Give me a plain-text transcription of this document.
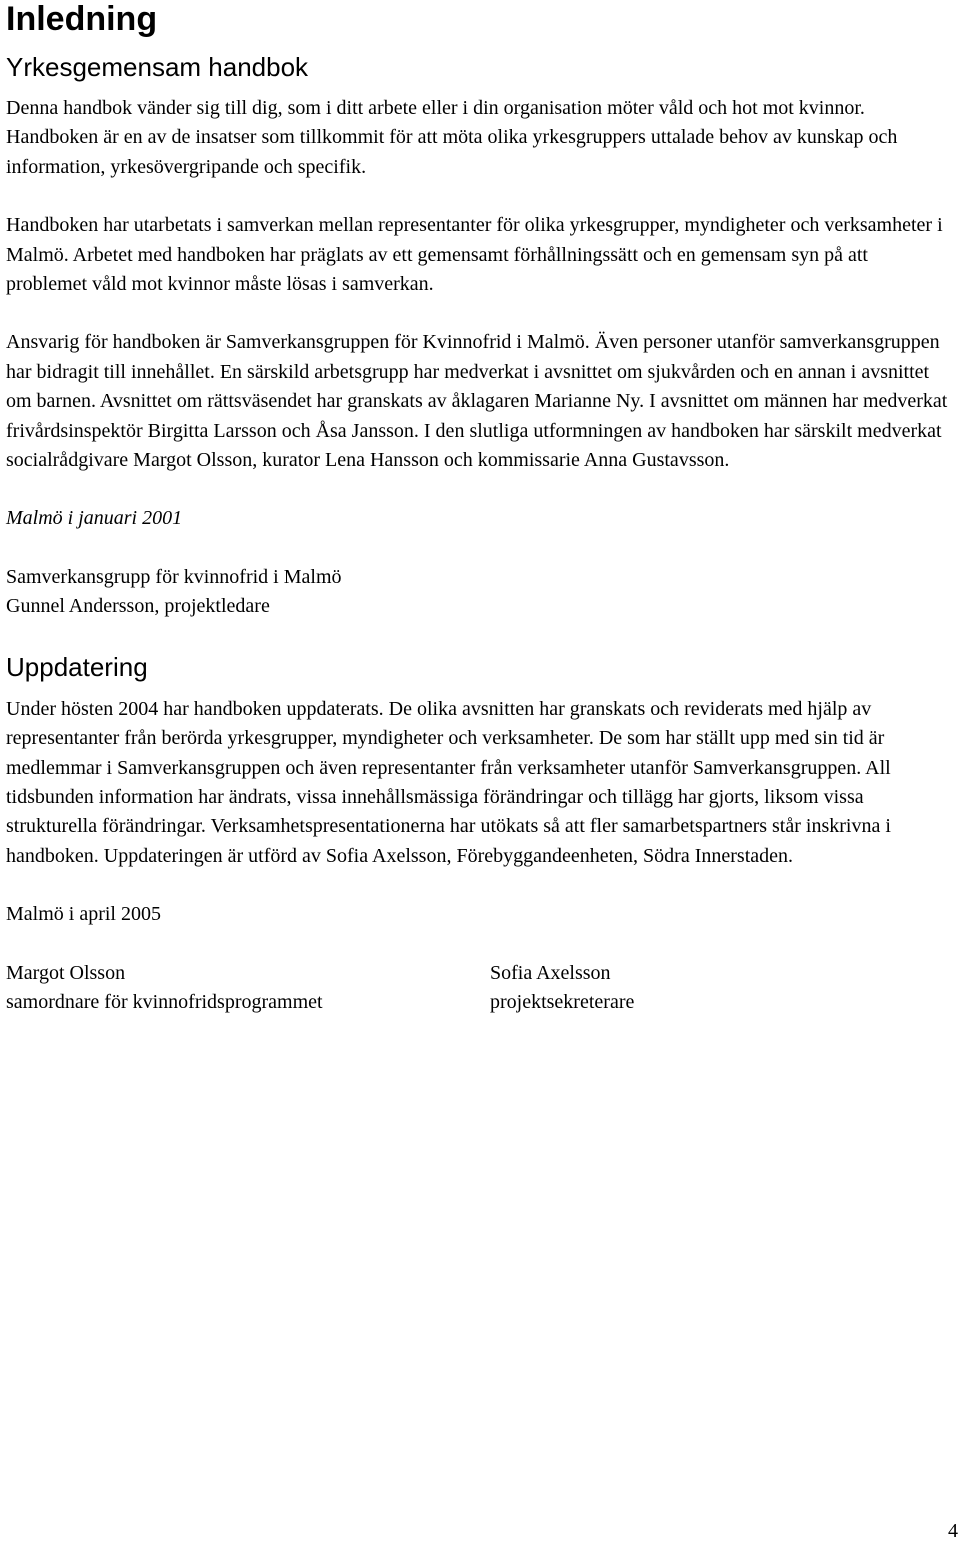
Inledning
Yrkesgemensam handbok

Denna handbok vänder sig till dig, som i ditt arbete eller i din organisation möter våld och hot mot kvinnor. Handboken är en av de insatser som tillkommit för att möta olika yrkesgruppers uttalade behov av kunskap och information, yrkesövergripande och specifik.

Handboken har utarbetats i samverkan mellan representanter för olika yrkesgrupper, myndigheter och verksamheter i Malmö. Arbetet med handboken har präglats av ett gemensamt förhållningssätt och en gemensam syn på att problemet våld mot kvinnor måste lösas i samverkan.

Ansvarig för handboken är Samverkansgruppen för Kvinnofrid i Malmö. Även personer utanför samverkansgruppen har bidragit till innehållet. En särskild arbetsgrupp har medverkat i avsnittet om sjukvården och en annan i avsnittet om barnen. Avsnittet om rättsväsendet har granskats av åklagaren Marianne Ny. I avsnittet om männen har medverkat frivårdsinspektör Birgitta Larsson och Åsa Jansson. I den slutliga utformningen av handboken har särskilt medverkat socialrådgivare Margot Olsson, kurator Lena Hansson och kommissarie Anna Gustavsson.

Malmö i januari 2001

Samverkansgrupp för kvinnofrid i Malmö

Gunnel Andersson, projektledare

Uppdatering

Under hösten 2004 har handboken uppdaterats. De olika avsnitten har granskats och reviderats med hjälp av representanter från berörda yrkesgrupper, myndigheter och verksamheter. De som har ställt upp med sin tid är medlemmar i Samverkansgruppen och även representanter från verksamheter utanför Samverkansgruppen. All tidsbunden information har ändrats, vissa innehållsmässiga förändringar och tillägg har gjorts, liksom vissa strukturella förändringar. Verksamhetspresentationerna har utökats så att fler samarbetspartners står inskrivna i handboken. Uppdateringen är utförd av Sofia Axelsson, Förebyggandeenheten, Södra Innerstaden.

Malmö i april 2005

Margot Olsson

samordnare för kvinnofridsprogrammet

Sofia Axelsson

projektsekreterare

4
